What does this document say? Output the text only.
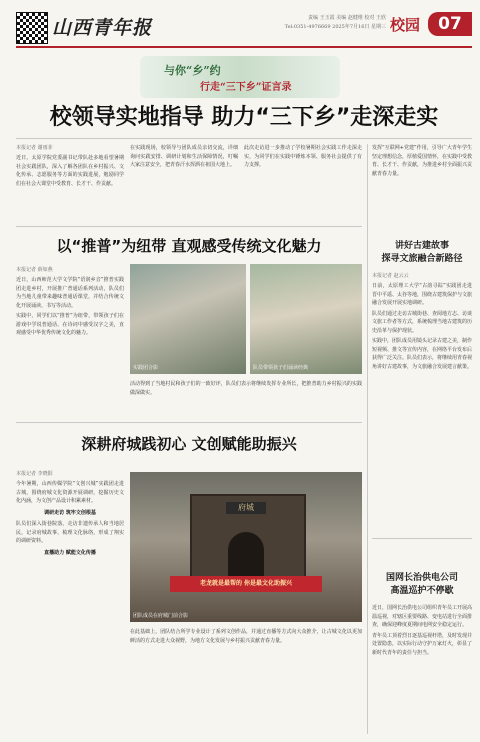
山西青年报	责编 王玉霞 美编 赵健维 校对 王欣
Tel:0351-4976669 2025年7月16日 星期三 校园	07
与你“乡”约
行走“三下乡”证言录
校领导实地指导 助力“三下乡”走深走实
本报记者 谢雨菲
近日，太原学院党委副书记带队赴多地看望暑期社会实践团队，深入了解各团队在乡村振兴、文化传承、志愿服务等方面的实践进展，勉励同学们在社会大课堂中受教育、长才干、作贡献。
在实践现场，校领导与团队成员亲切交流，详细询问实践安排、调研计划和生活保障情况，叮嘱大家注意安全，把青春汗水挥洒在祖国大地上。
此次走访进一步推动了学校暑期社会实践工作走深走实，为同学们在实践中锤炼本领、服务社会提供了有力支撑。
发挥“互联网+党建”作用，引导广大青年学生坚定理想信念，厚植爱国情怀，在实践中受教育、长才干、作贡献，为推进乡村全面振兴贡献青春力量。
讲好古建故事
探寻文旅融合新路径
本报记者 赵云云
日前，太原理工大学“古韵寻踪”实践团走进晋中平遥、太谷等地，围绕古建筑保护与文旅融合发展开展实地调研。
队员们通过走访古城街巷、查阅地方志、访谈文旅工作者等方式，系统梳理当地古建筑的历史沿革与保护现状。
实践中，团队成员用镜头记录古建之美，制作短视频、推文等宣传内容，在网络平台发布后获得广泛关注。队员们表示，将继续用青春视角讲好古建故事，为文旅融合发展建言献策。
国网长治供电公司
高温巡护不停歇
近日，国网长治供电公司组织青年员工开展高温巡视，对辖区重要线路、变电站进行全面排查，确保迎峰度夏期间电网安全稳定运行。
青年员工顶着烈日逐基巡视杆塔，及时发现并处置隐患，以实际行动守护万家灯火，彰显了新时代青年的责任与担当。
以“推普”为纽带 直观感受传统文化魅力
本报记者 薛如燕
近日，山西师范大学文学院“语润乡音”推普实践团走进乡村，开展推广普通话系列活动，队员们为当地儿童带来趣味普通话课堂，并结合传统文化开展诵读、书写等活动。
实践中，同学们以“推普”为纽带，带领孩子们在游戏中学说普通话、在诗词中感受汉字之美，直观感受中华优秀传统文化的魅力。
实践团合影	队员带领孩子们诵读经典
活动得到了当地村民和孩子们的一致好评，队员们表示将继续发挥专业所长，把推普助力乡村振兴的实践做深做实。
深耕府城践初心 文创赋能助振兴
本报记者 李晓阳
今年暑期，山西传媒学院“文创兴城”实践团走进古城，围绕府城文化资源开展调研，挖掘历史文化内涵，为文创产品设计积累素材。
调研走访 筑牢文创根基
队员们深入街巷院落，走访非遗传承人和当地居民，记录府城故事，梳理文化脉络，形成了翔实的调研资料。
直播助力 赋能文化传播
府城
老龙就是最帮的 你是最文化助振兴
团队成员在府城门前合影
在此基础上，团队结合所学专业设计了系列文创作品，并通过直播等方式向大众推介，让古城文化以更加鲜活的方式走进大众视野，为地方文化发展与乡村振兴贡献青春力量。
